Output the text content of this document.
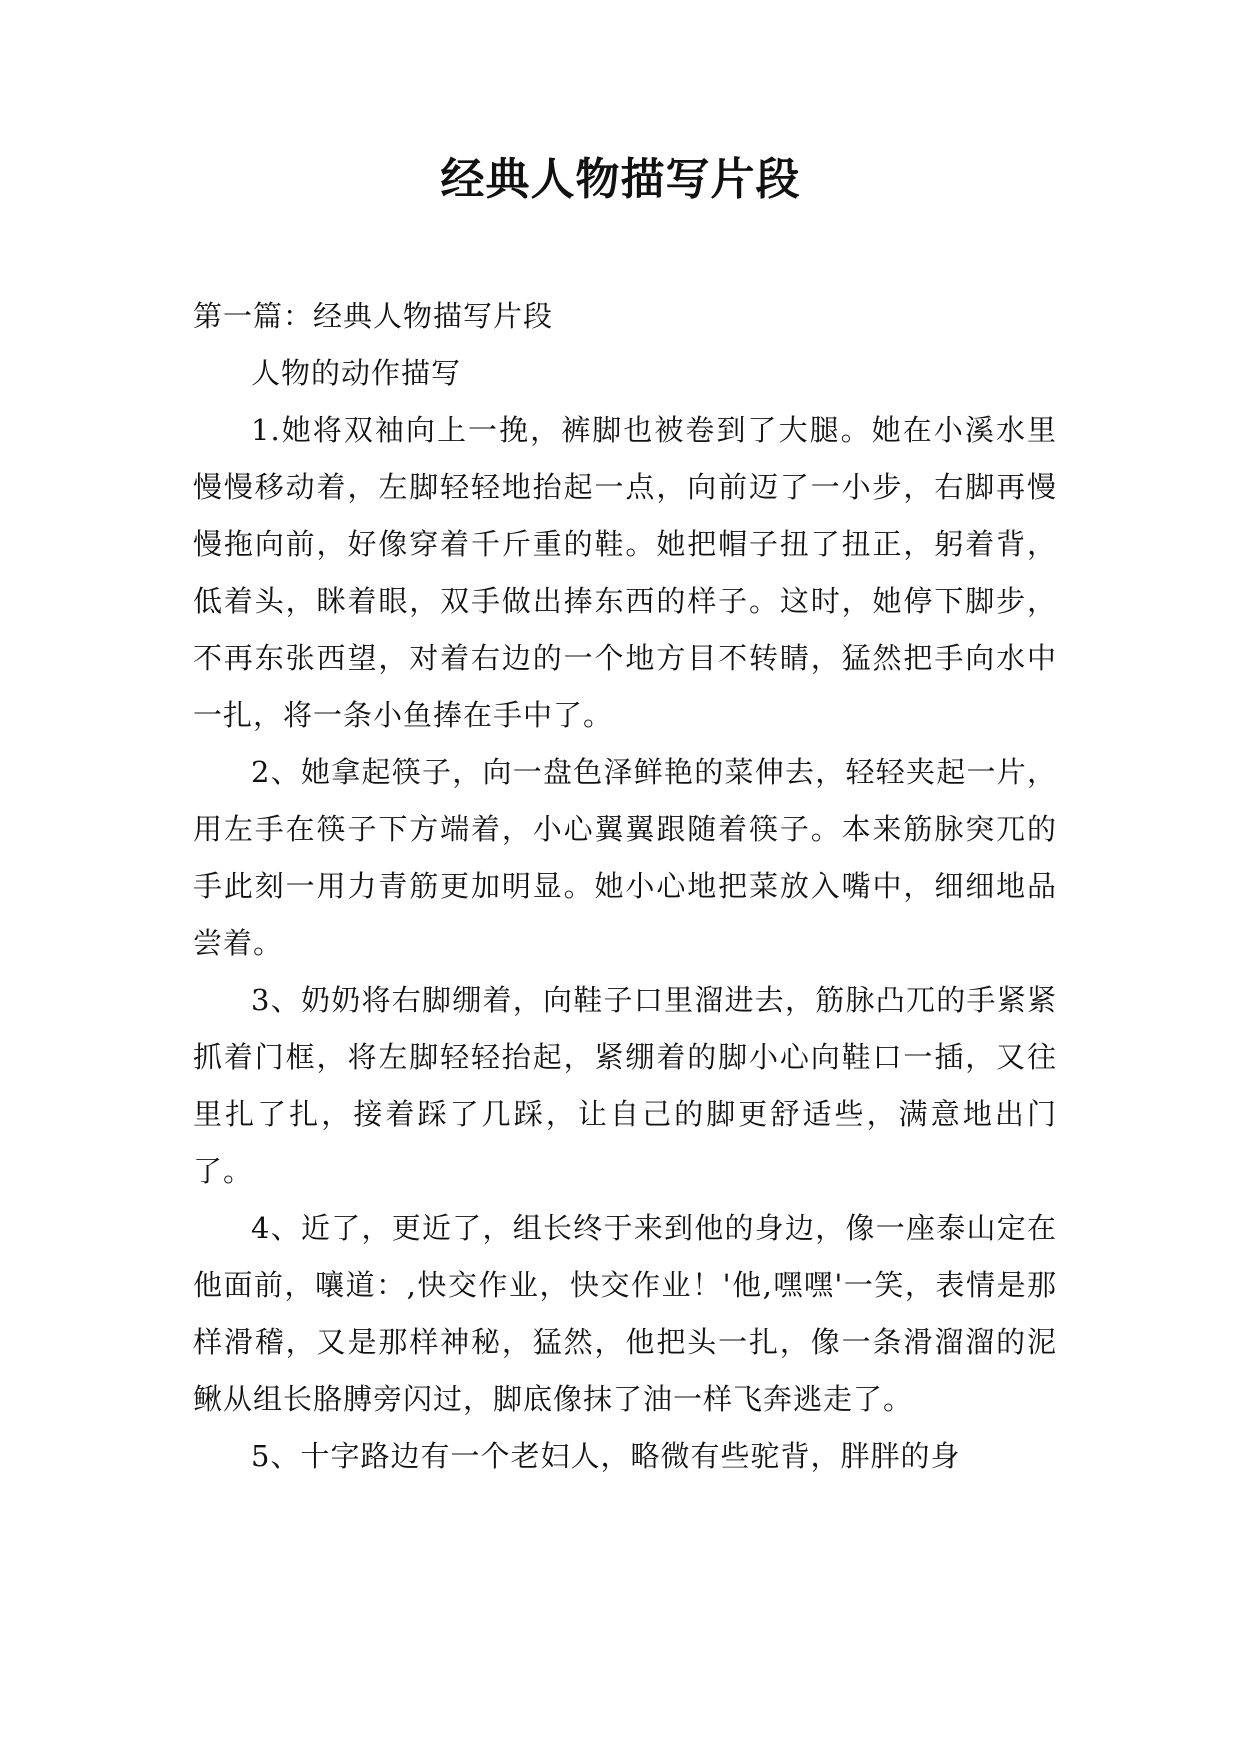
经典人物描写片段

第一篇：经典人物描写片段

人物的动作描写

1.她将双袖向上一挽，裤脚也被卷到了大腿。她在小溪水里慢慢移动着，左脚轻轻地抬起一点，向前迈了一小步，右脚再慢慢拖向前，好像穿着千斤重的鞋。她把帽子扭了扭正，躬着背，低着头，眯着眼，双手做出捧东西的样子。这时，她停下脚步，不再东张西望，对着右边的一个地方目不转睛，猛然把手向水中一扎，将一条小鱼捧在手中了。

2、她拿起筷子，向一盘色泽鲜艳的菜伸去，轻轻夹起一片，用左手在筷子下方端着，小心翼翼跟随着筷子。本来筋脉突兀的手此刻一用力青筋更加明显。她小心地把菜放入嘴中，细细地品尝着。

3、奶奶将右脚绷着，向鞋子口里溜进去，筋脉凸兀的手紧紧抓着门框，将左脚轻轻抬起，紧绷着的脚小心向鞋口一插，又往里扎了扎，接着踩了几踩，让自己的脚更舒适些，满意地出门了。

4、近了，更近了，组长终于来到他的身边，像一座泰山定在他面前，嚷道：,快交作业，快交作业！'他,嘿嘿'一笑，表情是那样滑稽，又是那样神秘，猛然，他把头一扎，像一条滑溜溜的泥鳅从组长胳膊旁闪过，脚底像抹了油一样飞奔逃走了。

5、十字路边有一个老妇人，略微有些驼背，胖胖的身
